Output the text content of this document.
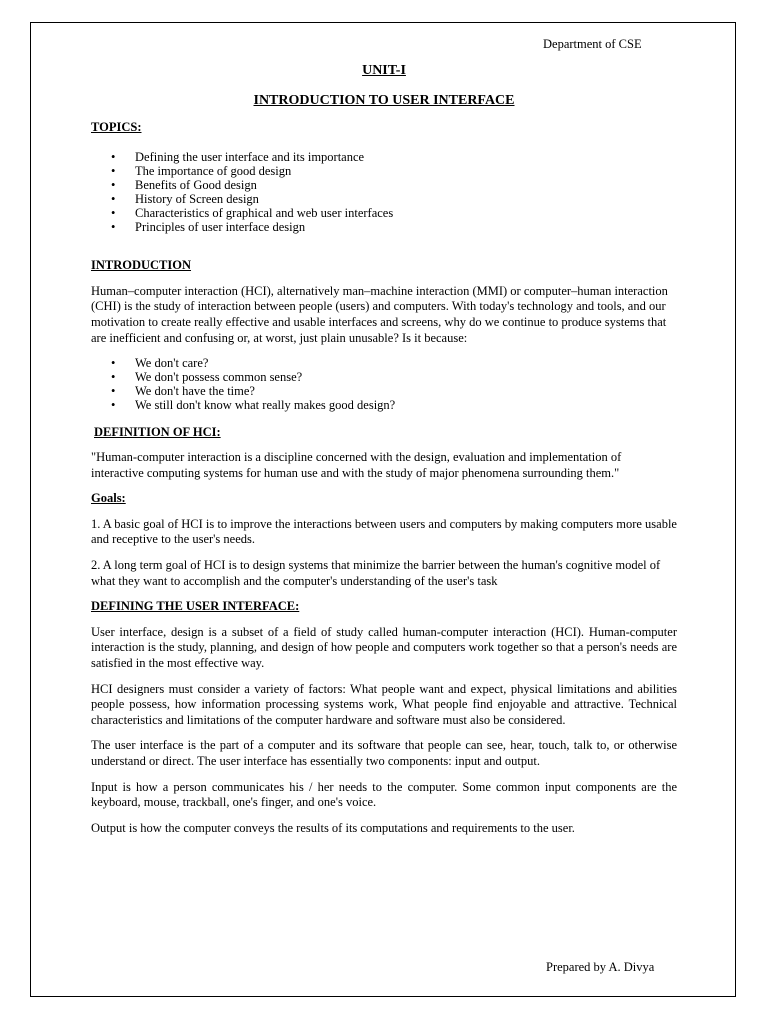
Department of CSE
UNIT-I
INTRODUCTION TO USER INTERFACE

TOPICS:

• Defining the user interface and its importance
• The importance of good design
• Benefits of Good design
• History of Screen design
• Characteristics of graphical and web user interfaces
• Principles of user interface design

INTRODUCTION

Human–computer interaction (HCI), alternatively man–machine interaction (MMI) or computer–human interaction (CHI) is the study of interaction between people (users) and computers. With today's technology and tools, and our motivation to create really effective and usable interfaces and screens, why do we continue to produce systems that are inefficient and confusing or, at worst, just plain unusable? Is it because:

• We don't care?
• We don't possess common sense?
• We don't have the time?
• We still don't know what really makes good design?

DEFINITION OF HCI:

"Human-computer interaction is a discipline concerned with the design, evaluation and implementation of interactive computing systems for human use and with the study of major phenomena surrounding them."

Goals:

1. A basic goal of HCI is to improve the interactions between users and computers by making computers more usable and receptive to the user's needs.

2. A long term goal of HCI is to design systems that minimize the barrier between the human's cognitive model of what they want to accomplish and the computer's understanding of the user's task

DEFINING THE USER INTERFACE:

User interface, design is a subset of a field of study called human-computer interaction (HCI). Human-computer interaction is the study, planning, and design of how people and computers work together so that a person's needs are satisfied in the most effective way.

HCI designers must consider a variety of factors: What people want and expect, physical limitations and abilities people possess, how information processing systems work, What people find enjoyable and attractive. Technical characteristics and limitations of the computer hardware and software must also be considered.

The user interface is the part of a computer and its software that people can see, hear, touch, talk to, or otherwise understand or direct. The user interface has essentially two components: input and output.

Input is how a person communicates his / her needs to the computer. Some common input components are the keyboard, mouse, trackball, one's finger, and one's voice.

Output is how the computer conveys the results of its computations and requirements to the user.

Prepared by A. Divya
